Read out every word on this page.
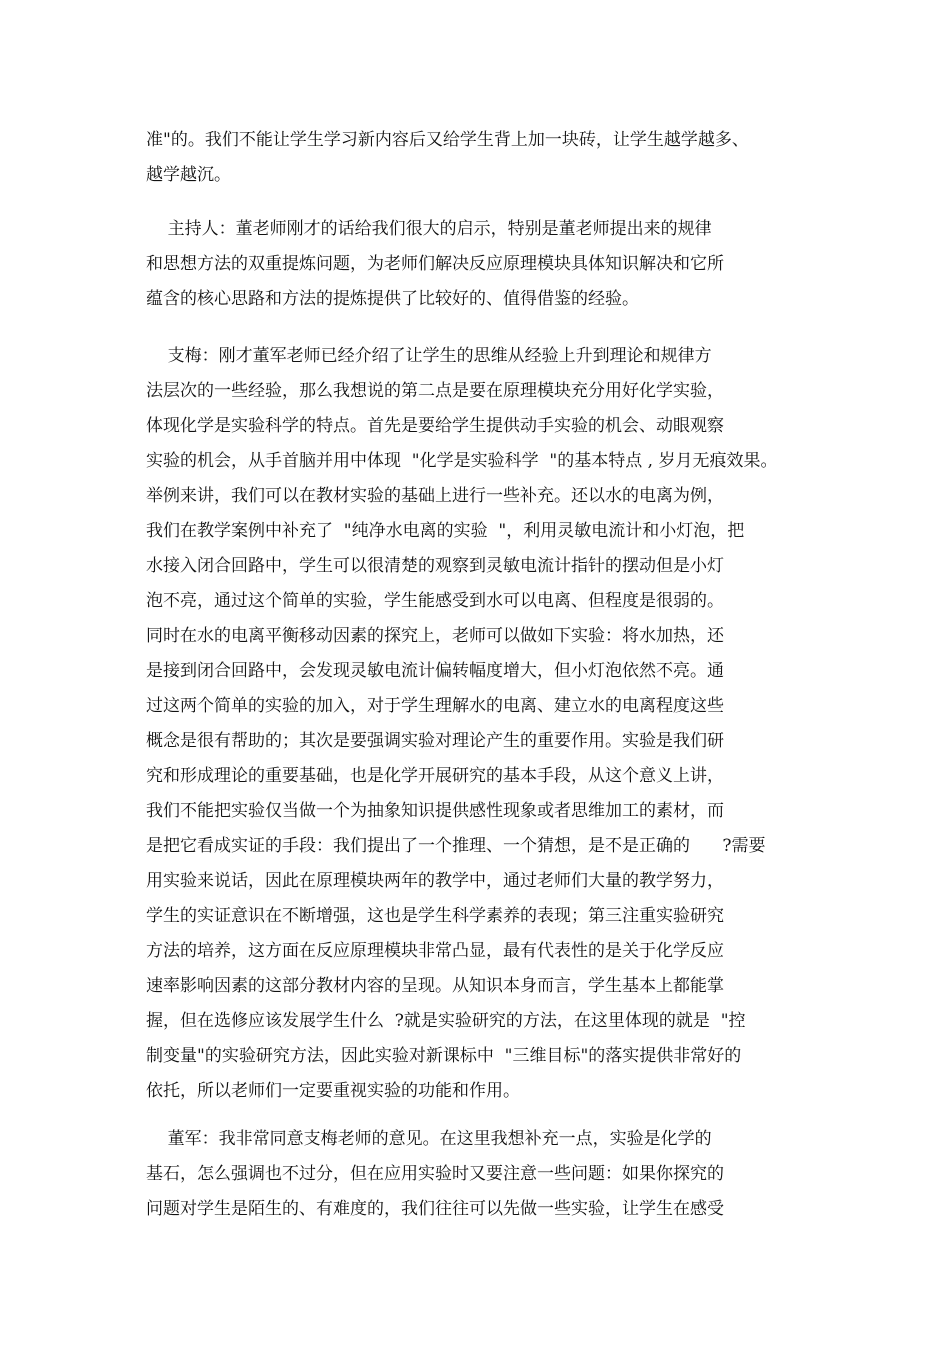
准"的。我们不能让学生学习新内容后又给学生背上加一块砖，让学生越学越多、
越学越沉。
主持人：董老师刚才的话给我们很大的启示，特别是董老师提出来的规律
和思想方法的双重提炼问题，为老师们解决反应原理模块具体知识解决和它所
蕴含的核心思路和方法的提炼提供了比较好的、值得借鉴的经验。
支梅：刚才董军老师已经介绍了让学生的思维从经验上升到理论和规律方
法层次的一些经验，那么我想说的第二点是要在原理模块充分用好化学实验，
体现化学是实验科学的特点。首先是要给学生提供动手实验的机会、动眼观察
实验的机会，从手首脑并用中体现  "化学是实验科学  "的基本特点 , 岁月无痕效果。
举例来讲，我们可以在教材实验的基础上进行一些补充。还以水的电离为例，
我们在教学案例中补充了  "纯净水电离的实验  "，利用灵敏电流计和小灯泡，把
水接入闭合回路中，学生可以很清楚的观察到灵敏电流计指针的摆动但是小灯
泡不亮，通过这个简单的实验，学生能感受到水可以电离、但程度是很弱的。
同时在水的电离平衡移动因素的探究上，老师可以做如下实验：将水加热，还
是接到闭合回路中，会发现灵敏电流计偏转幅度增大，但小灯泡依然不亮。通
过这两个简单的实验的加入，对于学生理解水的电离、建立水的电离程度这些
概念是很有帮助的；其次是要强调实验对理论产生的重要作用。实验是我们研
究和形成理论的重要基础，也是化学开展研究的基本手段，从这个意义上讲，
我们不能把实验仅当做一个为抽象知识提供感性现象或者思维加工的素材，而
是把它看成实证的手段：我们提出了一个推理、一个猜想，是不是正确的      ?需要
用实验来说话，因此在原理模块两年的教学中，通过老师们大量的教学努力，
学生的实证意识在不断增强，这也是学生科学素养的表现；第三注重实验研究
方法的培养，这方面在反应原理模块非常凸显，最有代表性的是关于化学反应
速率影响因素的这部分教材内容的呈现。从知识本身而言，学生基本上都能掌
握，但在选修应该发展学生什么  ?就是实验研究的方法，在这里体现的就是  "控
制变量"的实验研究方法，因此实验对新课标中  "三维目标"的落实提供非常好的
依托，所以老师们一定要重视实验的功能和作用。
董军：我非常同意支梅老师的意见。在这里我想补充一点，实验是化学的
基石，怎么强调也不过分，但在应用实验时又要注意一些问题：如果你探究的
问题对学生是陌生的、有难度的，我们往往可以先做一些实验，让学生在感受
